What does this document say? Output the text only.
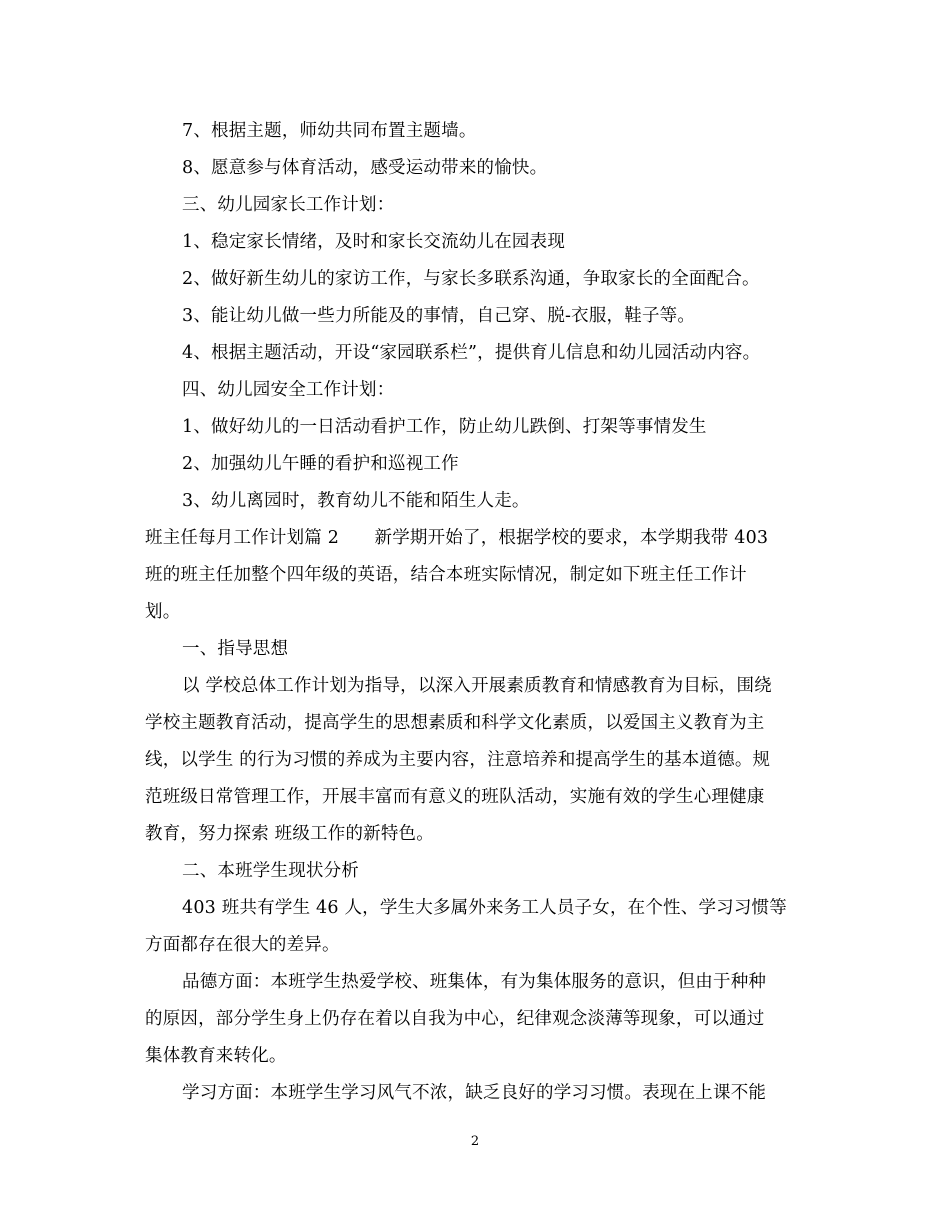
7、根据主题，师幼共同布置主题墙。
8、愿意参与体育活动，感受运动带来的愉快。
三、幼儿园家长工作计划：
1、稳定家长情绪，及时和家长交流幼儿在园表现
2、做好新生幼儿的家访工作，与家长多联系沟通，争取家长的全面配合。
3、能让幼儿做一些力所能及的事情，自己穿、脱-衣服，鞋子等。
4、根据主题活动，开设“家园联系栏”，提供育儿信息和幼儿园活动内容。
四、幼儿园安全工作计划：
1、做好幼儿的一日活动看护工作，防止幼儿跌倒、打架等事情发生
2、加强幼儿午睡的看护和巡视工作
3、幼儿离园时，教育幼儿不能和陌生人走。
班主任每月工作计划篇 2　　新学期开始了，根据学校的要求，本学期我带 403
班的班主任加整个四年级的英语，结合本班实际情况，制定如下班主任工作计
划。
一、指导思想
以 学校总体工作计划为指导，以深入开展素质教育和情感教育为目标，围绕
学校主题教育活动，提高学生的思想素质和科学文化素质，以爱国主义教育为主
线，以学生 的行为习惯的养成为主要内容，注意培养和提高学生的基本道德。规
范班级日常管理工作，开展丰富而有意义的班队活动，实施有效的学生心理健康
教育，努力探索 班级工作的新特色。
二、本班学生现状分析
403 班共有学生 46 人，学生大多属外来务工人员子女，在个性、学习习惯等
方面都存在很大的差异。
品德方面：本班学生热爱学校、班集体，有为集体服务的意识，但由于种种
的原因，部分学生身上仍存在着以自我为中心，纪律观念淡薄等现象，可以通过
集体教育来转化。
学习方面：本班学生学习风气不浓，缺乏良好的学习习惯。表现在上课不能
2
